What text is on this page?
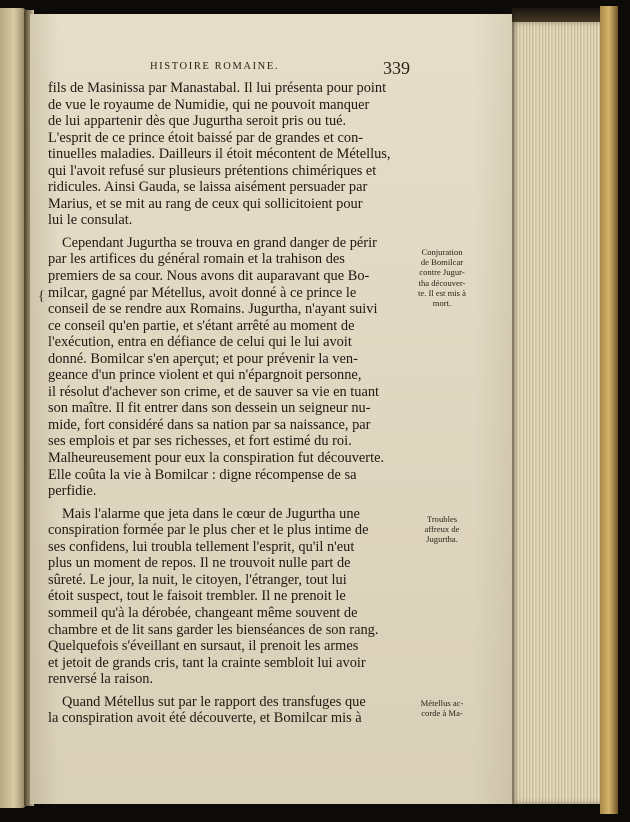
HISTOIRE ROMAINE.	339
{

fils de Masinissa par Manastabal. Il lui présenta pour point
de vue le royaume de Numidie, qui ne pouvoit manquer
de lui appartenir dès que Jugurtha seroit pris ou tué.
L'esprit de ce prince étoit baissé par de grandes et con-
tinuelles maladies. Dailleurs il étoit mécontent de Métellus,
qui l'avoit refusé sur plusieurs prétentions chimériques et
ridicules. Ainsi Gauda, se laissa aisément persuader par
Marius, et se mit au rang de ceux qui sollicitoient pour
lui le consulat.

Cependant Jugurtha se trouva en grand danger de périr
par les artifices du général romain et la trahison des
premiers de sa cour. Nous avons dit auparavant que Bo-
milcar, gagné par Métellus, avoit donné à ce prince le
conseil de se rendre aux Romains. Jugurtha, n'ayant suivi
ce conseil qu'en partie, et s'étant arrêté au moment de
l'exécution, entra en défiance de celui qui le lui avoit
donné. Bomilcar s'en aperçut; et pour prévenir la ven-
geance d'un prince violent et qui n'épargnoit personne,
il résolut d'achever son crime, et de sauver sa vie en tuant
son maître. Il fit entrer dans son dessein un seigneur nu-
mide, fort considéré dans sa nation par sa naissance, par
ses emplois et par ses richesses, et fort estimé du roi.
Malheureusement pour eux la conspiration fut découverte.
Elle coûta la vie à Bomilcar : digne récompense de sa
perfidie.

Mais l'alarme que jeta dans le cœur de Jugurtha une
conspiration formée par le plus cher et le plus intime de
ses confidens, lui troubla tellement l'esprit, qu'il n'eut
plus un moment de repos. Il ne trouvoit nulle part de
sûreté. Le jour, la nuit, le citoyen, l'étranger, tout lui
étoit suspect, tout le faisoit trembler. Il ne prenoit le
sommeil qu'à la dérobée, changeant même souvent de
chambre et de lit sans garder les bienséances de son rang.
Quelquefois s'éveillant en sursaut, il prenoit les armes
et jetoit de grands cris, tant la crainte sembloit lui avoir
renversé la raison.

Quand Métellus sut par le rapport des transfuges que
la conspiration avoit été découverte, et Bomilcar mis à

Conjuration
de Bomilcar
contre Jugur-
tha découver-
te. Il est mis à
mort.
Troubles
affreux de
Jugurtha.
Métellus ac-
corde à Ma-
